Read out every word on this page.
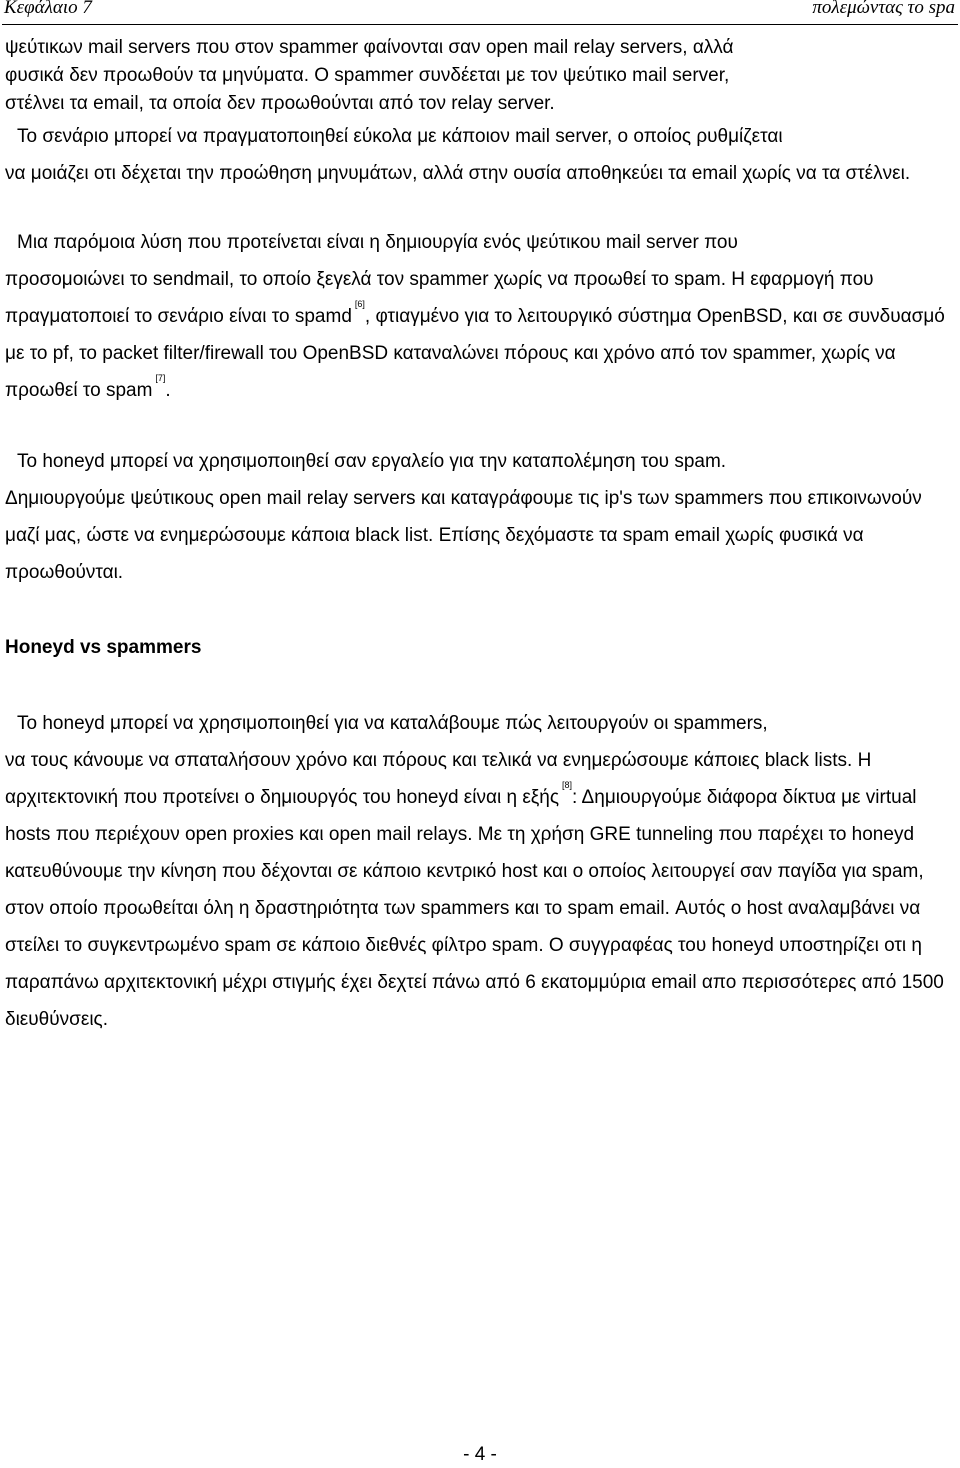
Κεφάλαιο 7	πολεμώντας το spa

ψεύτικων mail servers που στον spammer φαίνονται σαν open mail relay servers, αλλά
φυσικά δεν προωθούν τα μηνύματα. Ο spammer συνδέεται με τον ψεύτικο mail server,
στέλνει τα email, τα οποία δεν προωθούνται από τον relay server.

Το σενάριο μπορεί να πραγματοποιηθεί εύκολα με κάποιον mail server, ο οποίος ρυθμίζεται
να μοιάζει οτι δέχεται την προώθηση μηνυμάτων, αλλά στην ουσία αποθηκεύει τα email χωρίς να τα στέλνει.

Μια παρόμοια λύση που προτείνεται είναι η δημιουργία ενός ψεύτικου mail server που
προσομοιώνει το sendmail, το οποίο ξεγελά τον spammer χωρίς να προωθεί το spam. Η εφαρμογή που πραγματοποιεί το σενάριο είναι το spamd[6], φτιαγμένο για το λειτουργικό σύστημα OpenBSD, και σε συνδυασμό με το pf, το packet filter/firewall του OpenBSD καταναλώνει πόρους και χρόνο από τον spammer, χωρίς να προωθεί το spam[7].

Το honeyd μπορεί να χρησιμοποιηθεί σαν εργαλείο για την καταπολέμηση του spam.
Δημιουργούμε ψεύτικους open mail relay servers και καταγράφουμε τις ip's των spammers που επικοινωνούν μαζί μας, ώστε να ενημερώσουμε κάποια black list. Επίσης δεχόμαστε τα spam email χωρίς φυσικά να προωθούνται.

Honeyd vs spammers

Το honeyd μπορεί να χρησιμοποιηθεί για να καταλάβουμε πώς λειτουργούν οι spammers,
να τους κάνουμε να σπαταλήσουν χρόνο και πόρους και τελικά να ενημερώσουμε κάποιες black lists. Η αρχιτεκτονική που προτείνει ο δημιουργός του honeyd είναι η εξής[8]: Δημιουργούμε διάφορα δίκτυα με virtual hosts που περιέχουν open proxies και open mail relays. Με τη χρήση GRE tunneling που παρέχει το honeyd κατευθύνουμε την κίνηση που δέχονται σε κάποιο κεντρικό host και ο οποίος λειτουργεί σαν παγίδα για spam, στον οποίο προωθείται όλη η δραστηριότητα των spammers και το spam email. Αυτός ο host αναλαμβάνει να στείλει το συγκεντρωμένο spam σε κάποιο διεθνές φίλτρο spam. Ο συγγραφέας του honeyd υποστηρίζει οτι η παραπάνω αρχιτεκτονική μέχρι στιγμής έχει δεχτεί πάνω από 6 εκατομμύρια email απο περισσότερες από 1500 διευθύνσεις.

- 4 -
